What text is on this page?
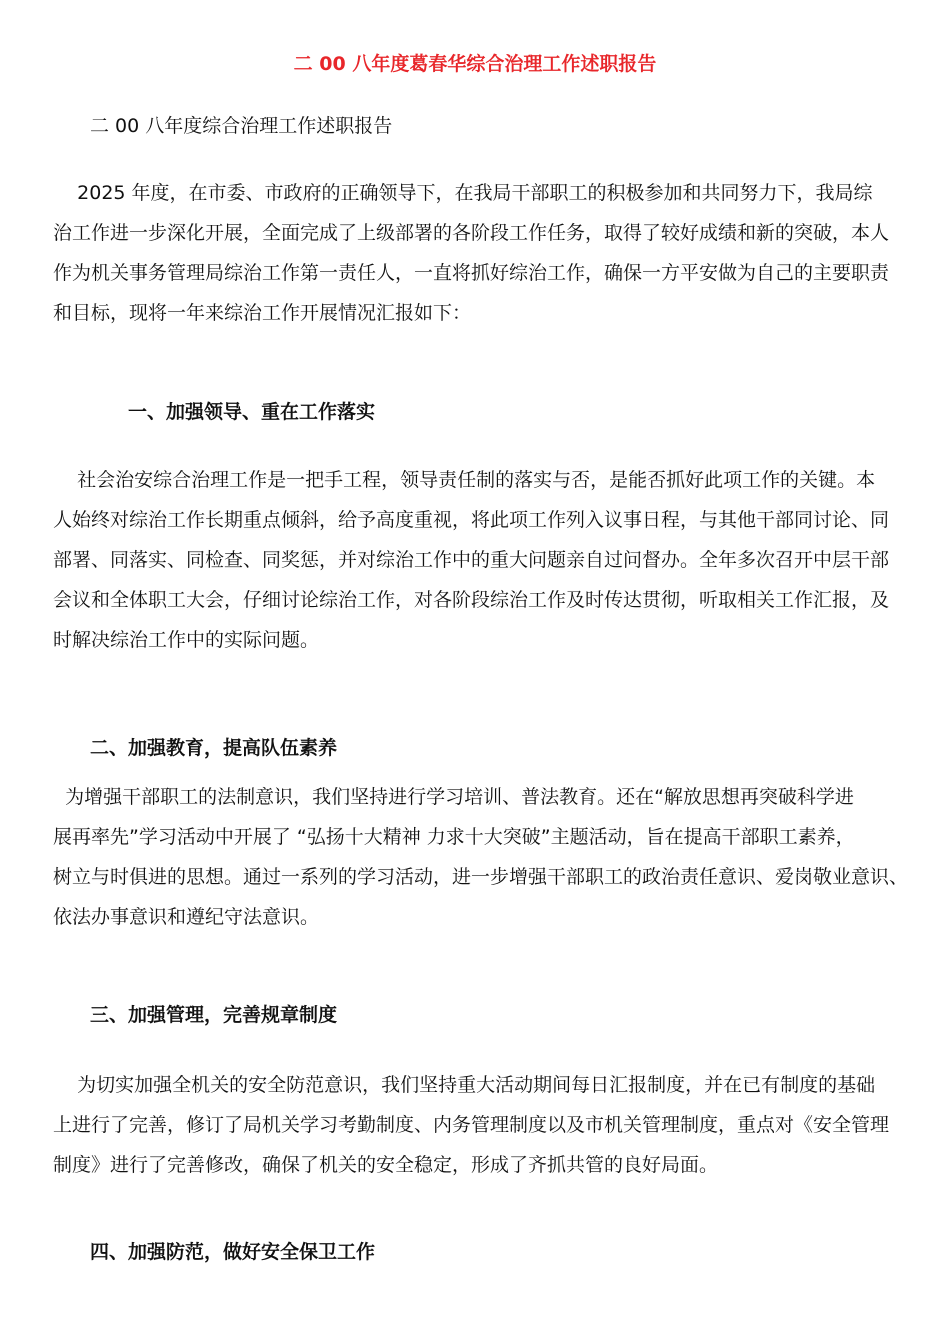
二 00 八年度葛春华综合治理工作述职报告
二 00 八年度综合治理工作述职报告
2025 年度，在市委、市政府的正确领导下，在我局干部职工的积极参加和共同努力下，我局综
治工作进一步深化开展，全面完成了上级部署的各阶段工作任务，取得了较好成绩和新的突破，本人
作为机关事务管理局综治工作第一责任人，一直将抓好综治工作，确保一方平安做为自己的主要职责
和目标，现将一年来综治工作开展情况汇报如下：
一、加强领导、重在工作落实
社会治安综合治理工作是一把手工程，领导责任制的落实与否，是能否抓好此项工作的关键。本
人始终对综治工作长期重点倾斜，给予高度重视，将此项工作列入议事日程，与其他干部同讨论、同
部署、同落实、同检查、同奖惩，并对综治工作中的重大问题亲自过问督办。全年多次召开中层干部
会议和全体职工大会，仔细讨论综治工作，对各阶段综治工作及时传达贯彻，听取相关工作汇报，及
时解决综治工作中的实际问题。
二、加强教育，提高队伍素养
为增强干部职工的法制意识，我们坚持进行学习培训、普法教育。还在“解放思想再突破科学进
展再率先”学习活动中开展了 “弘扬十大精神 力求十大突破”主题活动，旨在提高干部职工素养，
树立与时俱进的思想。通过一系列的学习活动，进一步增强干部职工的政治责任意识、爱岗敬业意识、
依法办事意识和遵纪守法意识。
三、加强管理，完善规章制度
为切实加强全机关的安全防范意识，我们坚持重大活动期间每日汇报制度，并在已有制度的基础
上进行了完善，修订了局机关学习考勤制度、内务管理制度以及市机关管理制度，重点对《安全管理
制度》进行了完善修改，确保了机关的安全稳定，形成了齐抓共管的良好局面。
四、加强防范，做好安全保卫工作
